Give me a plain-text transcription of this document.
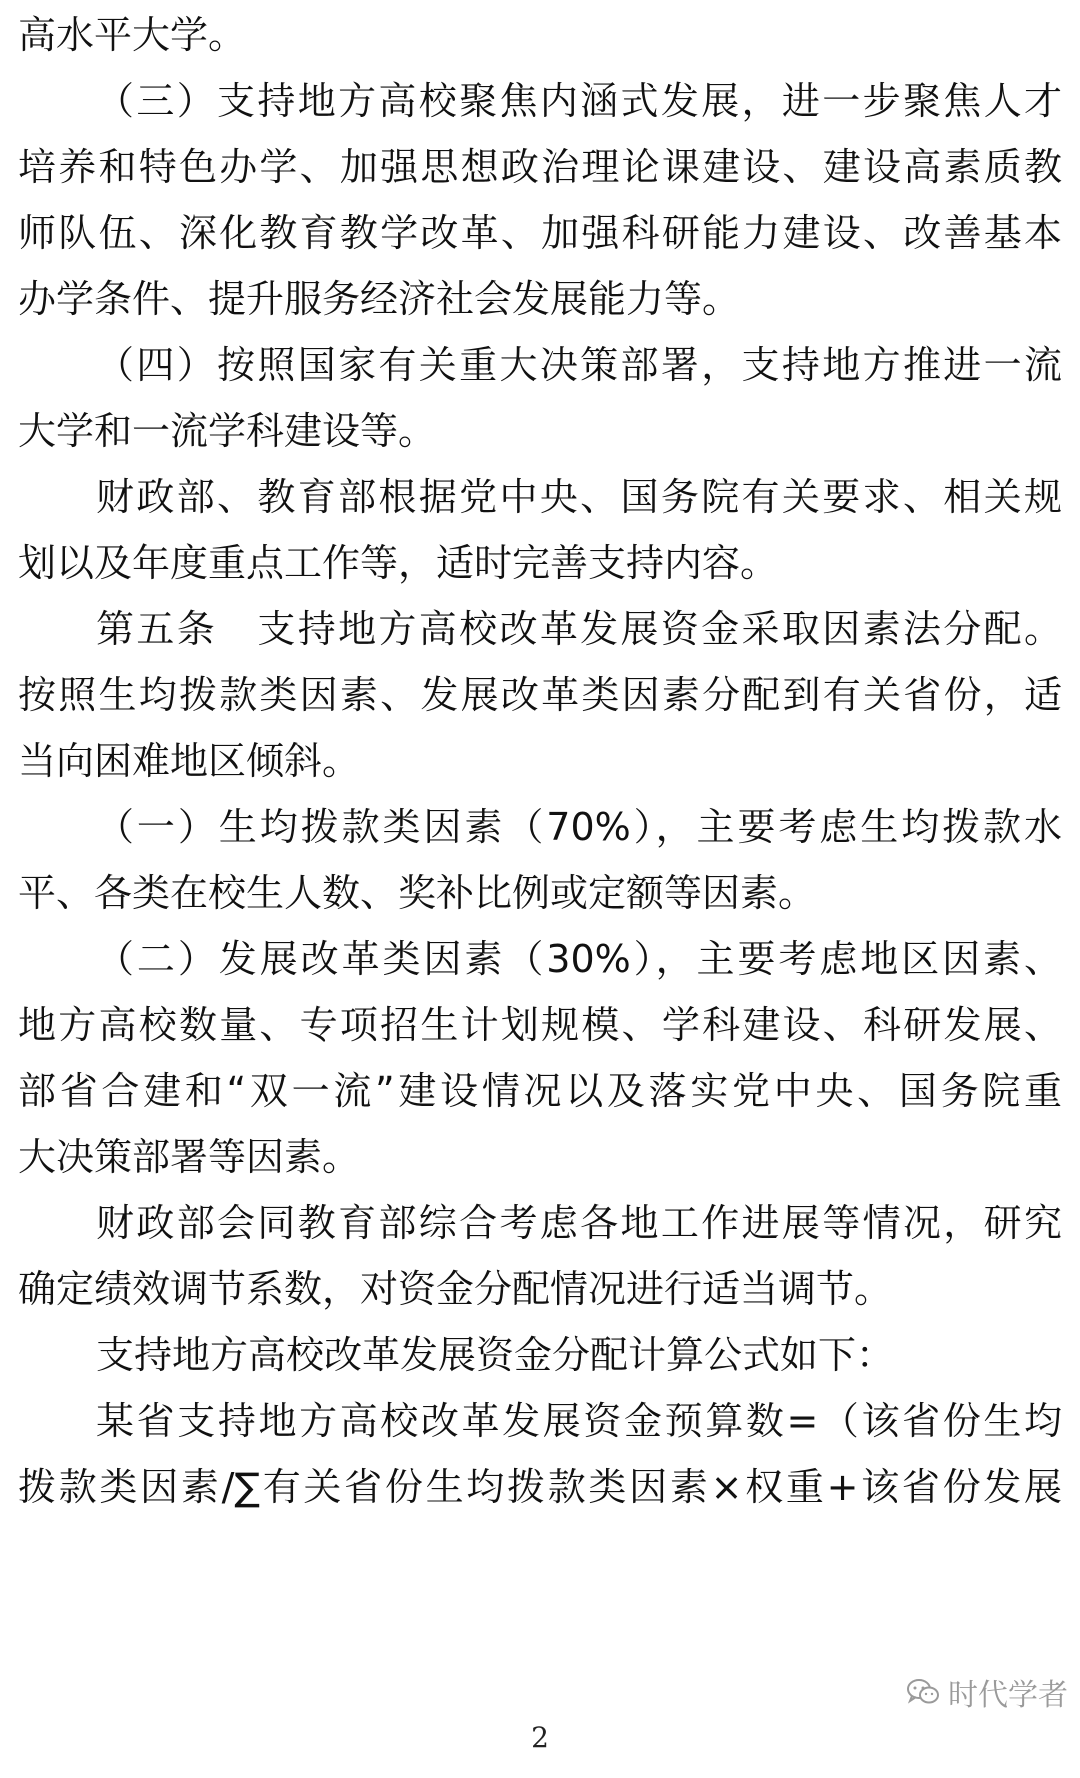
高水平大学。
（三）支持地方高校聚焦内涵式发展，进一步聚焦人才
培养和特色办学、加强思想政治理论课建设、建设高素质教
师队伍、深化教育教学改革、加强科研能力建设、改善基本
办学条件、提升服务经济社会发展能力等。
（四）按照国家有关重大决策部署，支持地方推进一流
大学和一流学科建设等。
财政部、教育部根据党中央、国务院有关要求、相关规
划以及年度重点工作等，适时完善支持内容。
第五条　支持地方高校改革发展资金采取因素法分配。
按照生均拨款类因素、发展改革类因素分配到有关省份，适
当向困难地区倾斜。
（一）生均拨款类因素（70%），主要考虑生均拨款水
平、各类在校生人数、奖补比例或定额等因素。
（二）发展改革类因素（30%），主要考虑地区因素、
地方高校数量、专项招生计划规模、学科建设、科研发展、
部省合建和“双一流”建设情况以及落实党中央、国务院重
大决策部署等因素。
财政部会同教育部综合考虑各地工作进展等情况，研究
确定绩效调节系数，对资金分配情况进行适当调节。
支持地方高校改革发展资金分配计算公式如下：
某省支持地方高校改革发展资金预算数=（该省份生均
拨款类因素/∑有关省份生均拨款类因素×权重+该省份发展
时代学者
2
